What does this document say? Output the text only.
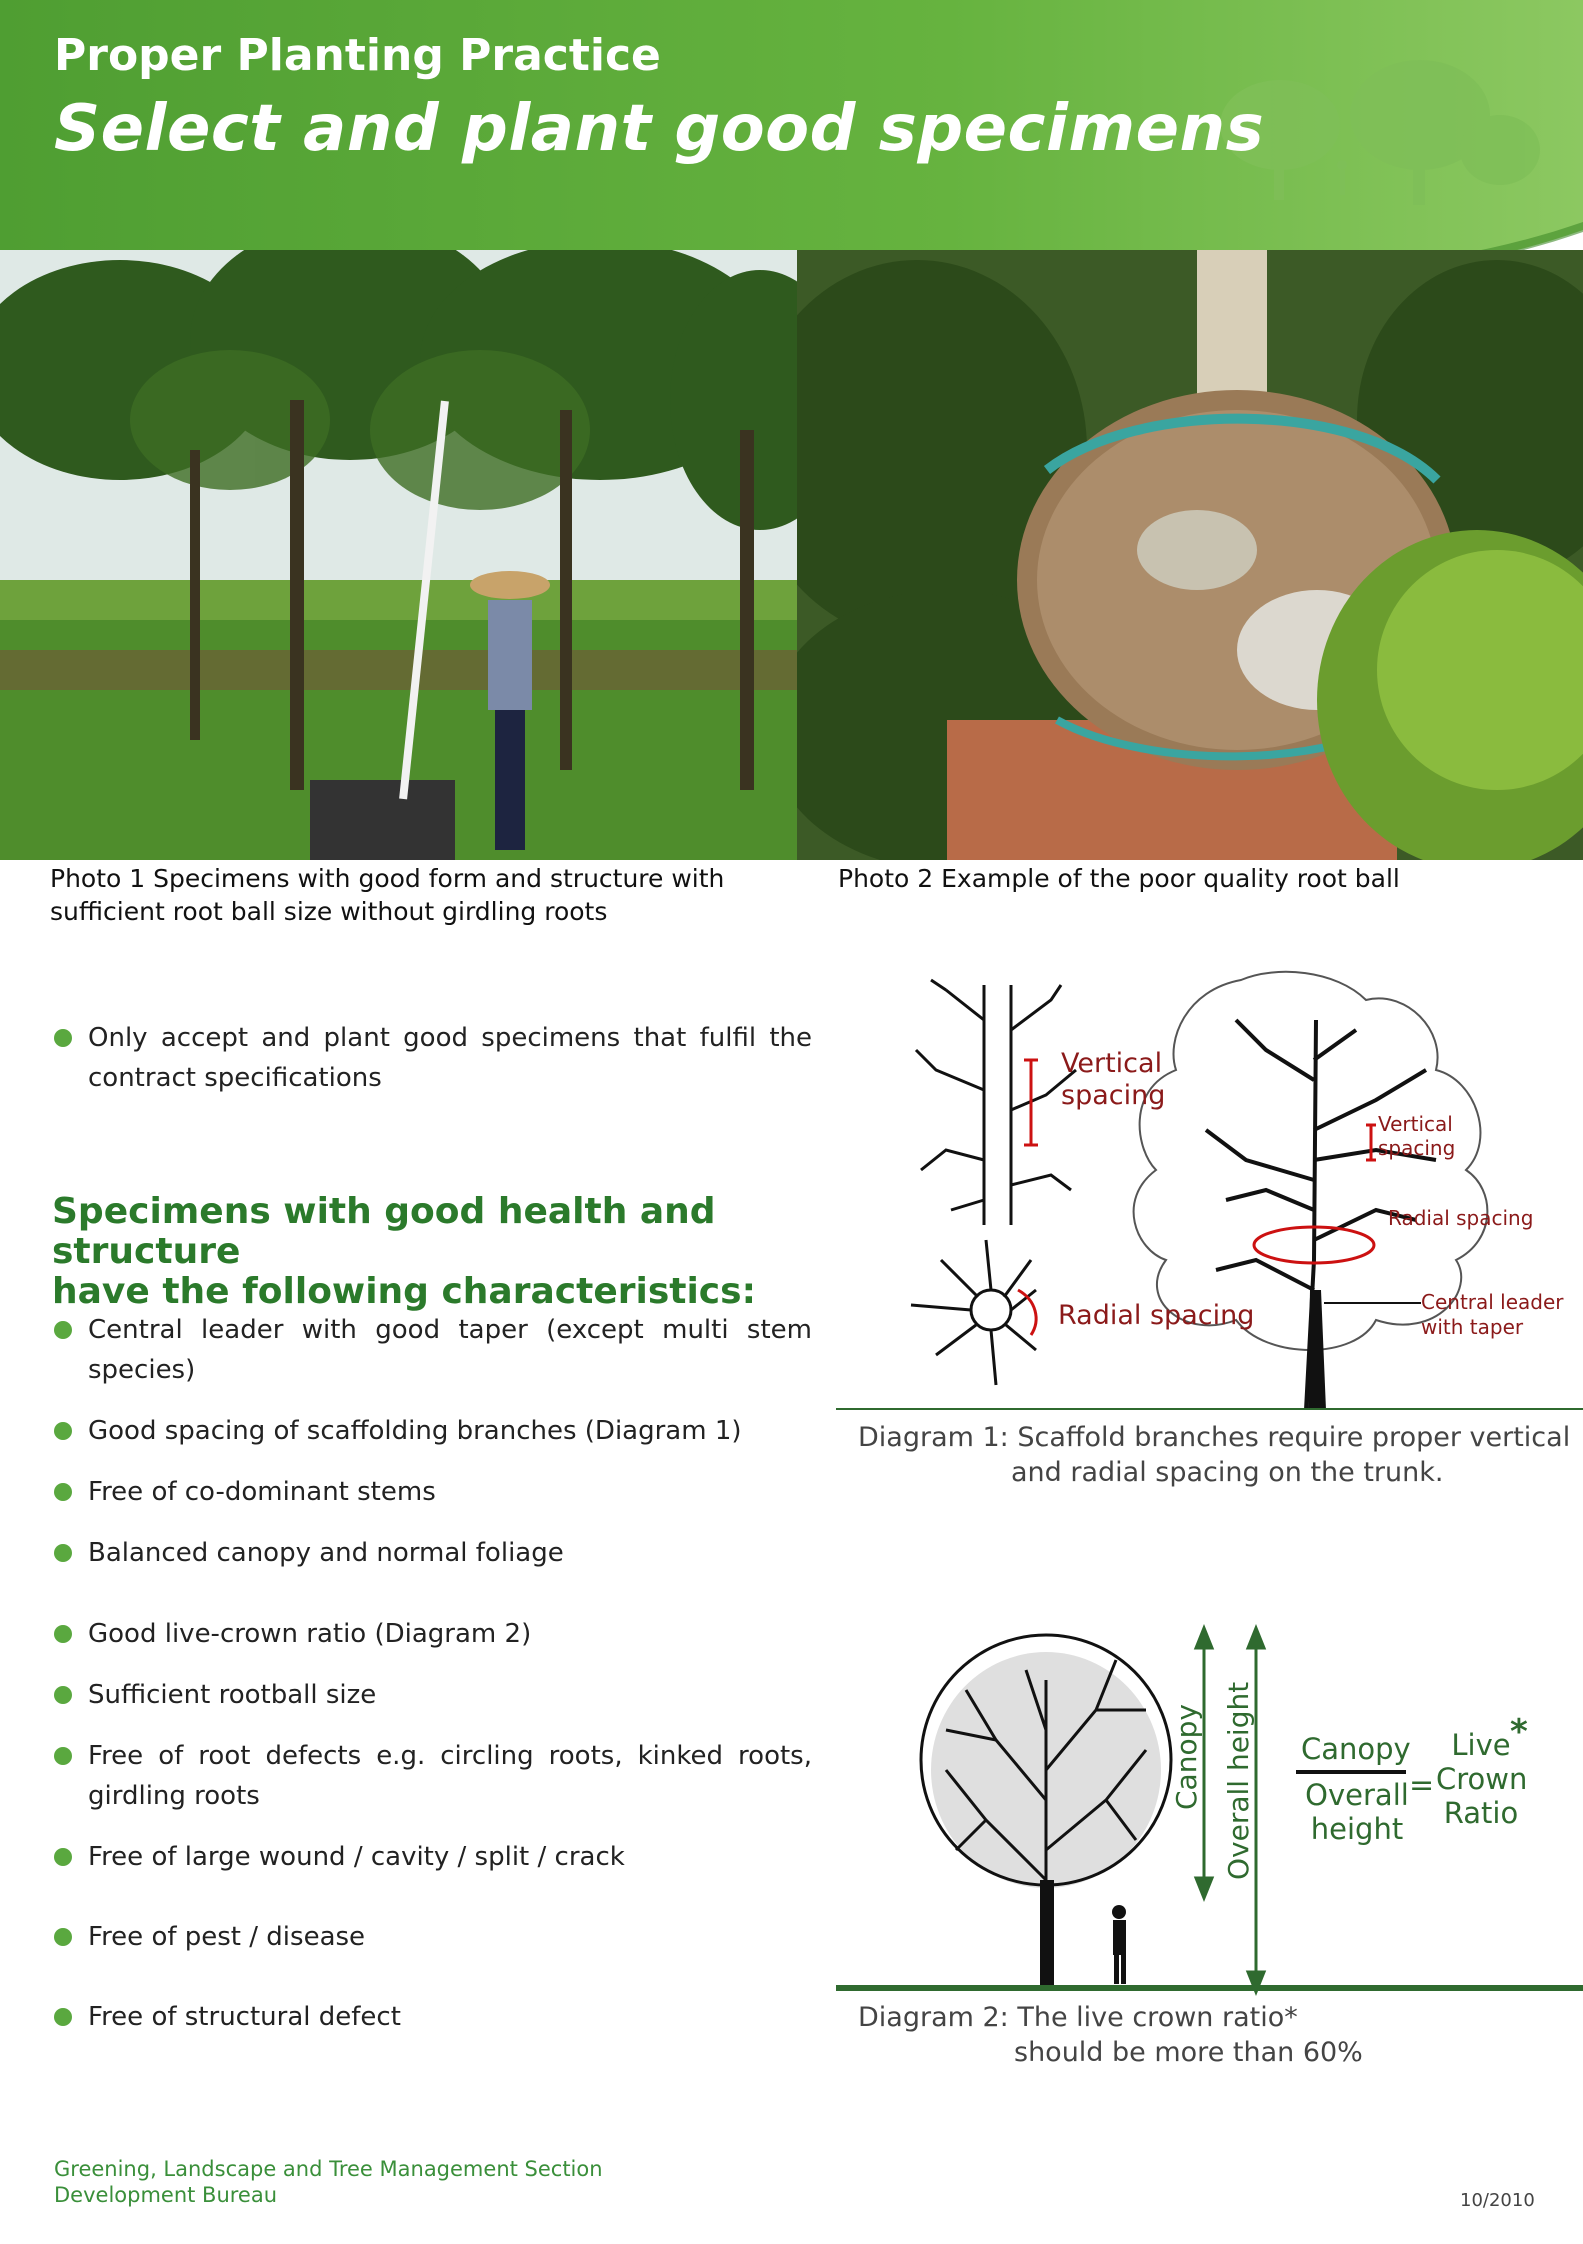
Proper Planting Practice
Select and plant good specimens
Photo 1 Specimens with good form and structure with sufficient root ball size without girdling roots
Photo 2 Example of the poor quality root ball
Only accept and plant good specimens that fulfil the contract specifications
Specimens with good health and structure
have the following characteristics:
Central leader with good taper (except multi stem species)
Good spacing of scaffolding branches (Diagram 1)
Free of co-dominant stems
Balanced canopy and normal foliage
Good live-crown ratio (Diagram 2)
Sufficient rootball size
Free of root defects e.g. circling roots, kinked roots, girdling roots
Free of large wound / cavity / split / crack
Free of pest / disease
Free of structural defect
Vertical
spacing
Radial spacing
Vertical
spacing
Radial spacing
Central leader
with taper
Diagram 1: Scaffold branches require proper vertical
and radial spacing on the trunk.
Canopy Overall height Canopy
Overall
height
=
Live
Crown
Ratio
*
Diagram 2: The live crown ratio*
should be more than 60%
Greening, Landscape and Tree Management Section
Development Bureau	10/2010
